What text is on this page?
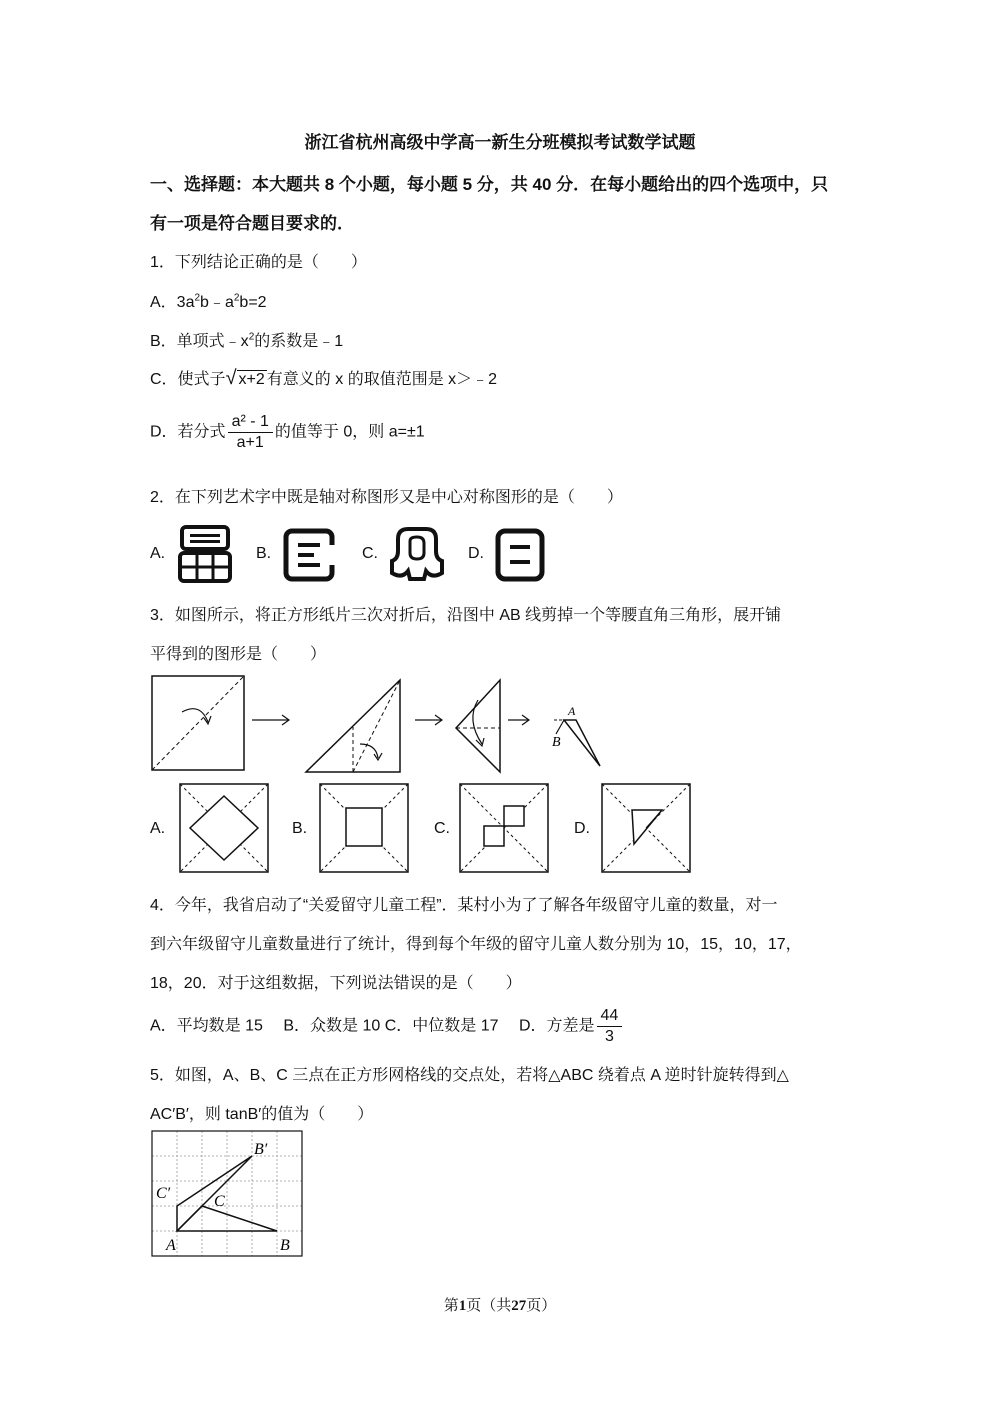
浙江省杭州高级中学高一新生分班模拟考试数学试题
一、选择题：本大题共 8 个小题，每小题 5 分，共 40 分．在每小题给出的四个选项中，只
有一项是符合题目要求的．
1．下列结论正确的是（　　）
A．$3a^2b﹣a^2b=2$
B．单项式$﹣x^2$的系数是﹣1
C．使式子√ x+2 有意义的 x 的取值范围是 x＞﹣2
D．若分式 $\frac{\text{a² - 1}}{a+1}$ 的值等于 0，则 a=±1
2．在下列艺术字中既是轴对称图形又是中心对称图形的是（　　）
A.	B.	C.	D.
3．如图所示，将正方形纸片三次对折后，沿图中 AB 线剪掉一个等腰直角三角形，展开铺
平得到的图形是（　　）
A
B
A.	B.	C.	D.
4．今年，我省启动了“关爱留守儿童工程”．某村小为了了解各年级留守儿童的数量，对一
到六年级留守儿童数量进行了统计，得到每个年级的留守儿童人数分别为 10，15，10，17，
18，20．对于这组数据，下列说法错误的是（　　）
A．平均数是 15　 B．众数是 10 C．中位数是 17　 D．方差是 $\frac{44}{3}$
5．如图，A、B、C 三点在正方形网格线的交点处，若将△ABC 绕着点 A 逆时针旋转得到△
AC′B′，则 tanB′的值为（　　）
A	B
C
B′
C′
第1页（共27页）
